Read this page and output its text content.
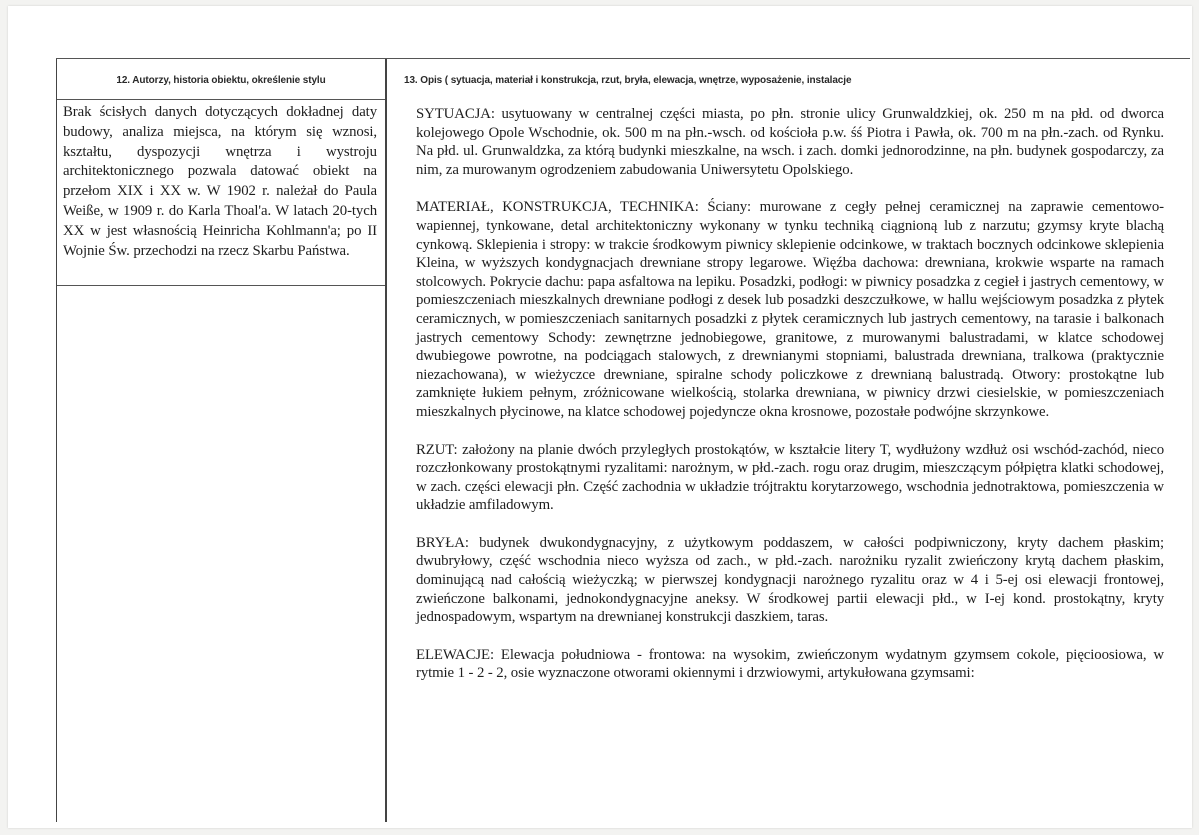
12. Autorzy, historia obiektu, określenie stylu
Brak ścisłych danych dotyczących dokładnej daty budowy, analiza miejsca, na którym się wznosi, kształtu, dyspozycji wnętrza i wystroju architektonicznego pozwala datować obiekt na przełom XIX i XX w. W 1902 r. należał do Paula Weiße, w 1909 r. do Karla Thoal'a. W latach 20-tych XX w jest własnością Heinricha Kohlmann'a; po II Wojnie Św. przechodzi na rzecz Skarbu Państwa.
13. Opis ( sytuacja, materiał i konstrukcja, rzut, bryła, elewacja, wnętrze, wyposażenie, instalacje

SYTUACJA: usytuowany w centralnej części miasta, po płn. stronie ulicy Grunwaldzkiej, ok. 250 m na płd. od dworca kolejowego Opole Wschodnie, ok. 500 m na płn.-wsch. od kościoła p.w. śś Piotra i Pawła, ok. 700 m na płn.-zach. od Rynku. Na płd. ul. Grunwaldzka, za którą budynki mieszkalne, na wsch. i zach. domki jednorodzinne, na płn. budynek gospodarczy, za nim, za murowanym ogrodzeniem zabudowania Uniwersytetu Opolskiego.

MATERIAŁ, KONSTRUKCJA, TECHNIKA: Ściany: murowane z cegły pełnej ceramicznej na zaprawie cementowo-wapiennej, tynkowane, detal architektoniczny wykonany w tynku techniką ciągnioną lub z narzutu; gzymsy kryte blachą cynkową. Sklepienia i stropy: w trakcie środkowym piwnicy sklepienie odcinkowe, w traktach bocznych odcinkowe sklepienia Kleina, w wyższych kondygnacjach drewniane stropy legarowe. Więźba dachowa: drewniana, krokwie wsparte na ramach stolcowych. Pokrycie dachu: papa asfaltowa na lepiku. Posadzki, podłogi: w piwnicy posadzka z cegieł i jastrych cementowy, w pomieszczeniach mieszkalnych drewniane podłogi z desek lub posadzki deszczułkowe, w hallu wejściowym posadzka z płytek ceramicznych, w pomieszczeniach sanitarnych posadzki z płytek ceramicznych lub jastrych cementowy, na tarasie i balkonach jastrych cementowy Schody: zewnętrzne jednobiegowe, granitowe, z murowanymi balustradami, w klatce schodowej dwubiegowe powrotne, na podciągach stalowych, z drewnianymi stopniami, balustrada drewniana, tralkowa (praktycznie niezachowana), w wieżyczce drewniane, spiralne schody policzkowe z drewnianą balustradą. Otwory: prostokątne lub zamknięte łukiem pełnym, zróżnicowane wielkością, stolarka drewniana, w piwnicy drzwi ciesielskie, w pomieszczeniach mieszkalnych płycinowe, na klatce schodowej pojedyncze okna krosnowe, pozostałe podwójne skrzynkowe.

RZUT: założony na planie dwóch przyległych prostokątów, w kształcie litery T, wydłużony wzdłuż osi wschód-zachód, nieco rozczłonkowany prostokątnymi ryzalitami: narożnym, w płd.-zach. rogu oraz drugim, mieszczącym półpiętra klatki schodowej, w zach. części elewacji płn. Część zachodnia w układzie trójtraktu korytarzowego, wschodnia jednotraktowa, pomieszczenia w układzie amfiladowym.

BRYŁA: budynek dwukondygnacyjny, z użytkowym poddaszem, w całości podpiwniczony, kryty dachem płaskim; dwubryłowy, część wschodnia nieco wyższa od zach., w płd.-zach. narożniku ryzalit zwieńczony krytą dachem płaskim, dominującą nad całością wieżyczką; w pierwszej kondygnacji narożnego ryzalitu oraz w 4 i 5-ej osi elewacji frontowej, zwieńczone balkonami, jednokondygnacyjne aneksy. W środkowej partii elewacji płd., w I-ej kond. prostokątny, kryty jednospadowym, wspartym na drewnianej konstrukcji daszkiem, taras.

ELEWACJE: Elewacja południowa - frontowa: na wysokim, zwieńczonym wydatnym gzymsem cokole, pięcioosiowa, w rytmie 1 - 2 - 2, osie wyznaczone otworami okiennymi i drzwiowymi, artykułowana gzymsami:
